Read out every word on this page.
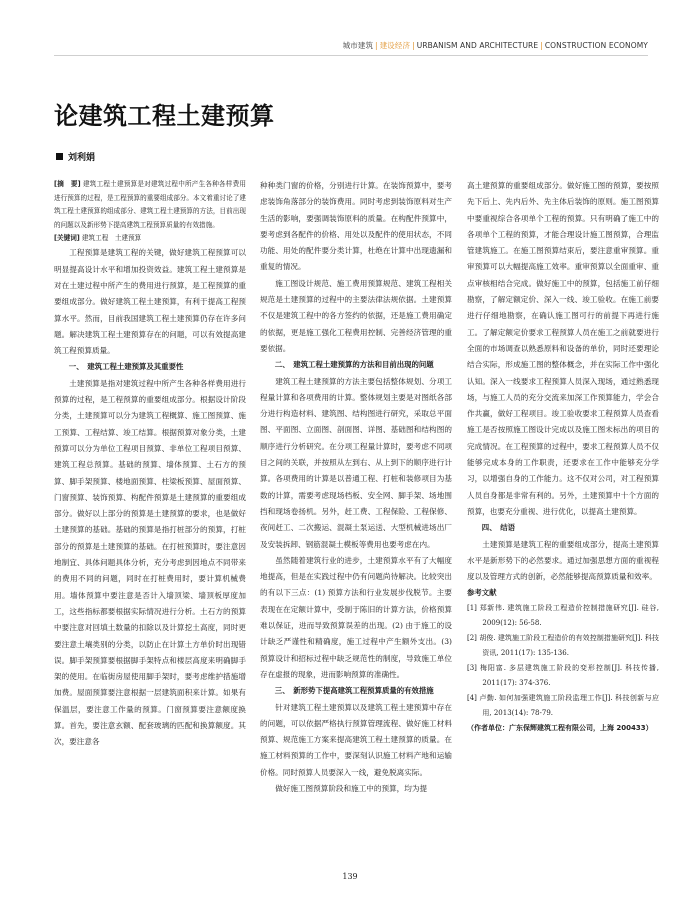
城市建筑 | 建设经济 | URBANISM AND ARCHITECTURE | CONSTRUCTION ECONOMY
论建筑工程土建预算
刘利娟

[摘　要] 建筑工程土建预算是对建筑过程中所产生各种各样费用进行预算的过程，是工程预算的重要组成部分。本文着重讨论了建筑工程土建预算的组成部分、建筑工程土建预算的方法，目前出现的问题以及新形势下提高建筑工程预算质量的有效措施。

[关键词] 建筑工程　土建预算

工程预算是建筑工程的关键，做好建筑工程预算可以明显提高设计水平和增加投资效益。建筑工程土建预算是对在土建过程中所产生的费用进行预算，是工程预算的重要组成部分。做好建筑工程土建预算，有利于提高工程预算水平。然而，目前我国建筑工程土建预算仍存在许多问题。解决建筑工程土建预算存在的问题，可以有效提高建筑工程预算质量。

一、　建筑工程土建预算及其重要性

土建预算是指对建筑过程中所产生各种各样费用进行预算的过程，是工程预算的重要组成部分。根据设计阶段分类，土建预算可以分为建筑工程概算、施工图预算、施工预算、工程结算、竣工结算。根据预算对象分类，土建预算可以分为单位工程项目预算、非单位工程项目预算、建筑工程总预算。基础的预算、墙体预算、土石方的预算、脚手架预算、楼地面预算、柱梁板预算、屋面预算、门窗预算、装饰预算、构配件预算是土建预算的重要组成部分。做好以上部分的预算是土建预算的要求，也是做好土建预算的基础。基础的预算是指打桩部分的预算，打桩部分的预算是土建预算的基础。在打桩预算时，要注意因地制宜、具体问题具体分析，充分考虑到因地点不同带来的费用不同的问题，同时在打桩费用时，要计算机械费用。墙体预算中要注意是否计入墙顶梁、墙顶板厚度加工，这些指标都要根据实际情况进行分析。土石方的预算中要注意对回填土数量的扣除以及计算挖土高度，同时更要注意土壤类别的分类，以防止在计算土方单价时出现错误。脚手架预算要根据脚手架特点和楼层高度来明确脚手架的使用。在临街房屋使用脚手架时，要考虑维护措施增加费。屋面预算要注意根据一层建筑面积来计算。如果有保温层，要注意工作量的预算。门窗预算要注意额度换算。首先，要注意玄额、配套玻璃的匹配和换算额度。其次，要注意各

种种类门窗的价格，分别进行计算。在装饰预算中，要考虑装饰角落部分的装饰费用。同时考虑到装饰原料对生产生活的影响，要强调装饰原料的质量。在构配件预算中，要考虑到各配件的价格、用处以及配件的使用状态，不同功能、用处的配件要分类计算，杜绝在计算中出现遗漏和重复的情况。

施工图设计规范、施工费用预算规范、建筑工程相关规范是土建预算的过程中的主要法律法规依据。土建预算不仅是建筑工程中的各方签约的依据，还是施工费用确定的依据，更是施工强化工程费用控制、完善经济管理的重要依据。

二、　建筑工程土建预算的方法和目前出现的问题

建筑工程土建预算的方法主要包括整体规划、分项工程量计算和各项费用的计算。整体规划主要是对图纸各部分进行构造材料、建筑图、结构图进行研究，采取总平面图、平面图、立面图、剖面图、详图、基础图和结构图的顺序进行分析研究。在分项工程量计算时，要考虑不同项目之间的关联，并按照从左到右、从上到下的顺序进行计算。各项费用的计算是以普通工程、打桩和装修项目为基数的计算，需要考虑现场档板、安全网、脚手架、场地围挡和现场卷扬机。另外，赶工费、工程保险、工程保修、夜间赶工、二次搬运、混凝土泵运送、大型机械进场出厂及安装拆卸、钢筋混凝土模板等费用也要考虑在内。

虽然随着建筑行业的进步，土建预算水平有了大幅度地提高，但是在实践过程中仍有问题尚待解决。比较突出的有以下三点：(1) 预算方法和行业发展步伐脱节。主要表现在在定额计算中，受制于陈旧的计算方法，价格预算难以保证，进而导致预算误差的出现。(2) 由于施工的设计缺乏严谨性和精确度，施工过程中产生额外支出。(3) 预算设计和招标过程中缺乏规范性的制度，导致施工单位存在虚报的现象，进而影响预算的准确性。

三、　新形势下提高建筑工程预算质量的有效措施

针对建筑工程土建预算以及建筑工程土建预算中存在的问题，可以依据严格执行预算管理流程、做好施工材料预算、规范施工方案来提高建筑工程土建预算的质量。在施工材料预算的工作中，要深刻认识施工材料产地和运输价格。同时预算人员要深入一线，避免脱离实际。

做好施工图预算阶段和施工中的预算，均为提

高土建预算的重要组成部分。做好施工图的预算，要按照先下后上、先内后外、先主体后装饰的原则。施工图预算中要重视综合各项单个工程的预算。只有明确了施工中的各项单个工程的预算，才能合理设计施工图预算，合理监管建筑施工。在施工图预算结束后，要注意重审预算。重审预算可以大幅提高施工效率。重审预算以全面重审、重点审核相结合完成。做好施工中的预算，包括施工前仔细勘察，了解定额定价、深入一线、竣工验收。在施工前要进行仔细地勘察，在确认施工图可行的前提下再进行施工。了解定额定价要求工程预算人员在施工之前就要进行全面的市场调查以熟悉原料和设备的单价，同时还要理论结合实际，形成施工图的整体概念，并在实际工作中强化认知。深入一线要求工程预算人员深入现场，通过熟悉现场，与施工人员的充分交流来加深工作预算能力，学会合作共赢，做好工程项目。竣工验收要求工程预算人员查看施工是否按照施工图设计完成以及施工图未标出的项目的完成情况。在工程预算的过程中，要求工程预算人员不仅能够完成本身的工作职责，还要求在工作中能够充分学习，以增强自身的工作能力。这不仅对公司，对工程预算人员自身都是非常有利的。另外，土建预算中十个方面的预算，也要充分重视、进行优化，以提高土建预算。

四、　结语

土建预算是建筑工程的重要组成部分，提高土建预算水平是新形势下的必然要求。通过加强思想方面的重视程度以及管理方式的创新，必然能够提高预算质量和效率。

参考文献
[1] 郑新伟. 建筑施工阶段工程造价控制措施研究[J]. 硅谷, 2009(12): 56-58.
[2] 胡俊. 建筑施工阶段工程造价的有效控制措施研究[J]. 科技资讯, 2011(17): 135-136.
[3] 梅阳富. 多层建筑施工阶段的变形控制[J]. 科技传播, 2011(17): 374-376.
[4] 卢勤. 如何加强建筑施工阶段监理工作[J]. 科技创新与应用, 2013(14): 78-79.
（作者单位：广东保辉建筑工程有限公司，上海 200433）
139
